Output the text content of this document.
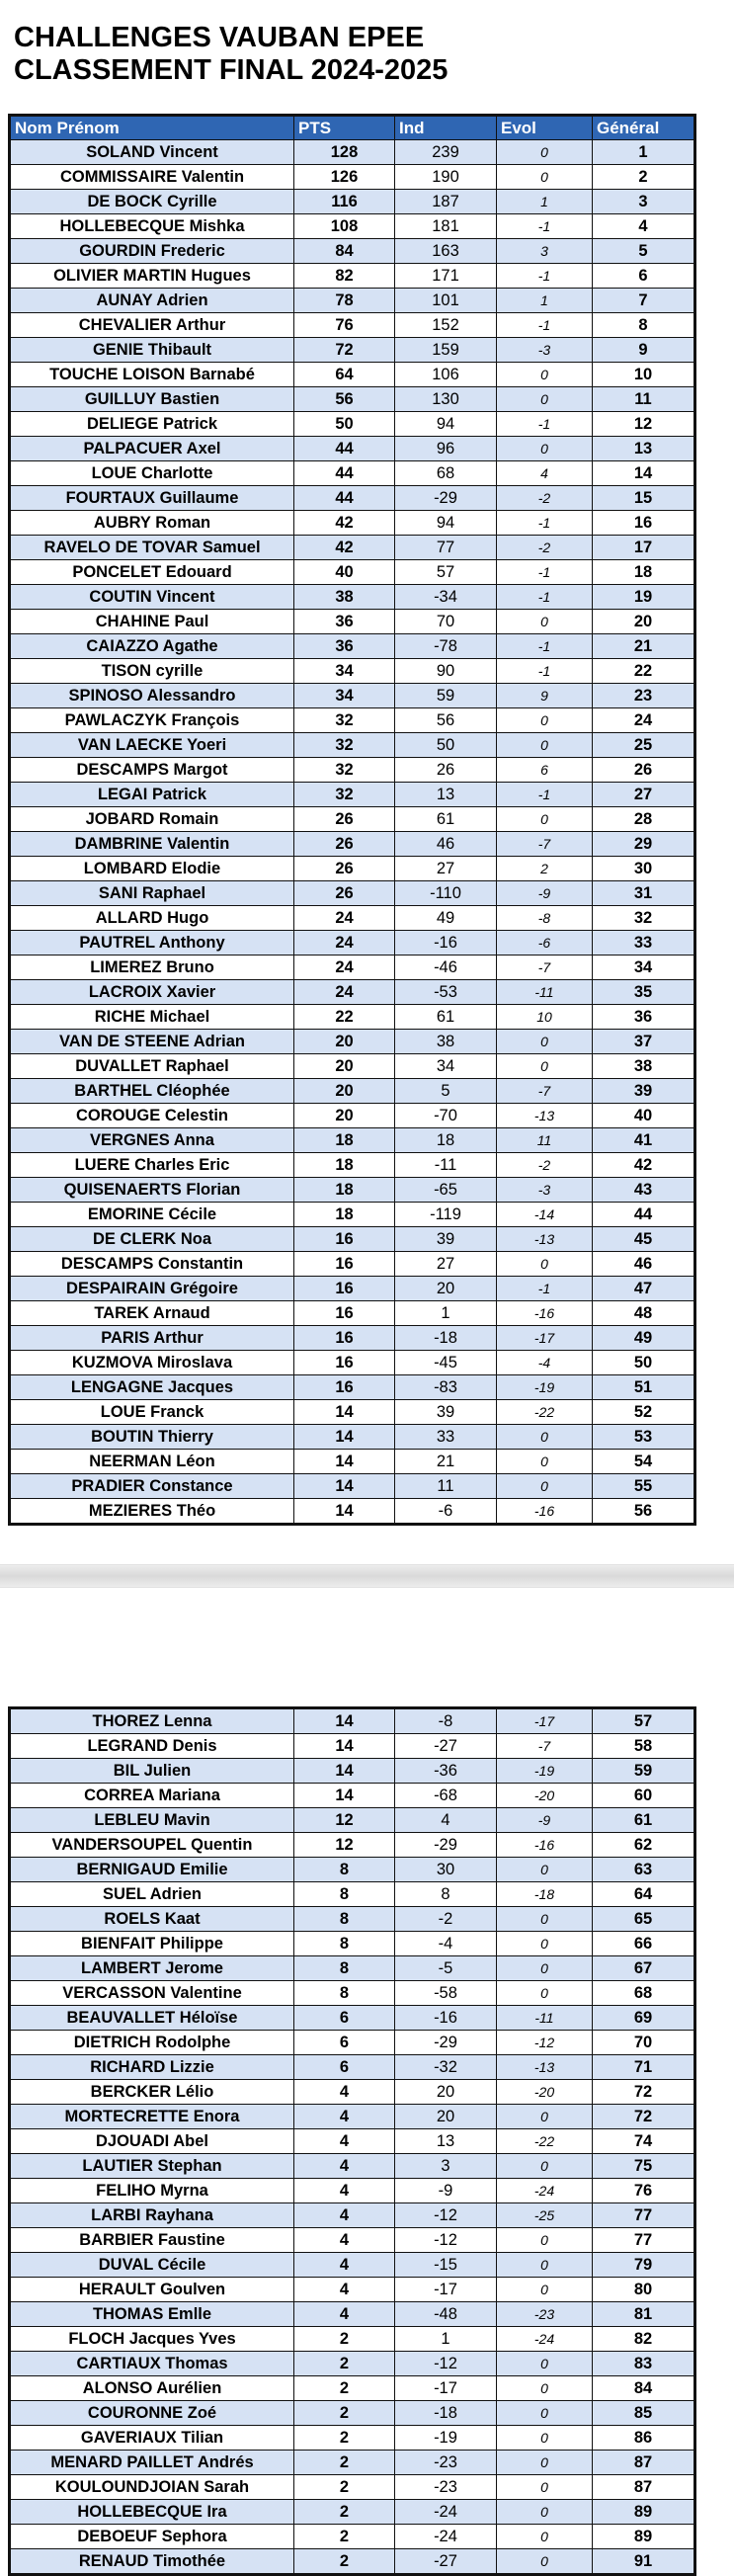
CHALLENGES VAUBAN EPEE
CLASSEMENT FINAL 2024-2025
Nom Prénom	PTS	Ind	Evol	Général
SOLAND Vincent	128	239	0	1
COMMISSAIRE Valentin	126	190	0	2
DE BOCK Cyrille	116	187	1	3
HOLLEBECQUE Mishka	108	181	-1	4
GOURDIN Frederic	84	163	3	5
OLIVIER MARTIN Hugues	82	171	-1	6
AUNAY Adrien	78	101	1	7
CHEVALIER Arthur	76	152	-1	8
GENIE Thibault	72	159	-3	9
TOUCHE LOISON Barnabé	64	106	0	10
GUILLUY Bastien	56	130	0	11
DELIEGE Patrick	50	94	-1	12
PALPACUER Axel	44	96	0	13
LOUE Charlotte	44	68	4	14
FOURTAUX Guillaume	44	-29	-2	15
AUBRY Roman	42	94	-1	16
RAVELO DE TOVAR Samuel	42	77	-2	17
PONCELET Edouard	40	57	-1	18
COUTIN Vincent	38	-34	-1	19
CHAHINE Paul	36	70	0	20
CAIAZZO Agathe	36	-78	-1	21
TISON cyrille	34	90	-1	22
SPINOSO Alessandro	34	59	9	23
PAWLACZYK François	32	56	0	24
VAN LAECKE Yoeri	32	50	0	25
DESCAMPS Margot	32	26	6	26
LEGAI Patrick	32	13	-1	27
JOBARD Romain	26	61	0	28
DAMBRINE Valentin	26	46	-7	29
LOMBARD Elodie	26	27	2	30
SANI Raphael	26	-110	-9	31
ALLARD Hugo	24	49	-8	32
PAUTREL Anthony	24	-16	-6	33
LIMEREZ Bruno	24	-46	-7	34
LACROIX Xavier	24	-53	-11	35
RICHE Michael	22	61	10	36
VAN DE STEENE Adrian	20	38	0	37
DUVALLET Raphael	20	34	0	38
BARTHEL Cléophée	20	5	-7	39
COROUGE Celestin	20	-70	-13	40
VERGNES Anna	18	18	11	41
LUERE Charles Eric	18	-11	-2	42
QUISENAERTS Florian	18	-65	-3	43
EMORINE Cécile	18	-119	-14	44
DE CLERK Noa	16	39	-13	45
DESCAMPS Constantin	16	27	0	46
DESPAIRAIN Grégoire	16	20	-1	47
TAREK Arnaud	16	1	-16	48
PARIS Arthur	16	-18	-17	49
KUZMOVA Miroslava	16	-45	-4	50
LENGAGNE Jacques	16	-83	-19	51
LOUE Franck	14	39	-22	52
BOUTIN Thierry	14	33	0	53
NEERMAN Léon	14	21	0	54
PRADIER Constance	14	11	0	55
MEZIERES Théo	14	-6	-16	56
THOREZ Lenna	14	-8	-17	57
LEGRAND Denis	14	-27	-7	58
BIL Julien	14	-36	-19	59
CORREA Mariana	14	-68	-20	60
LEBLEU Mavin	12	4	-9	61
VANDERSOUPEL Quentin	12	-29	-16	62
BERNIGAUD Emilie	8	30	0	63
SUEL Adrien	8	8	-18	64
ROELS Kaat	8	-2	0	65
BIENFAIT Philippe	8	-4	0	66
LAMBERT Jerome	8	-5	0	67
VERCASSON Valentine	8	-58	0	68
BEAUVALLET Héloïse	6	-16	-11	69
DIETRICH Rodolphe	6	-29	-12	70
RICHARD Lizzie	6	-32	-13	71
BERCKER Lélio	4	20	-20	72
MORTECRETTE Enora	4	20	0	72
DJOUADI Abel	4	13	-22	74
LAUTIER Stephan	4	3	0	75
FELIHO Myrna	4	-9	-24	76
LARBI Rayhana	4	-12	-25	77
BARBIER Faustine	4	-12	0	77
DUVAL Cécile	4	-15	0	79
HERAULT Goulven	4	-17	0	80
THOMAS Emlle	4	-48	-23	81
FLOCH Jacques Yves	2	1	-24	82
CARTIAUX Thomas	2	-12	0	83
ALONSO Aurélien	2	-17	0	84
COURONNE Zoé	2	-18	0	85
GAVERIAUX Tilian	2	-19	0	86
MENARD PAILLET Andrés	2	-23	0	87
KOULOUNDJOIAN Sarah	2	-23	0	87
HOLLEBECQUE Ira	2	-24	0	89
DEBOEUF Sephora	2	-24	0	89
RENAUD Timothée	2	-27	0	91
